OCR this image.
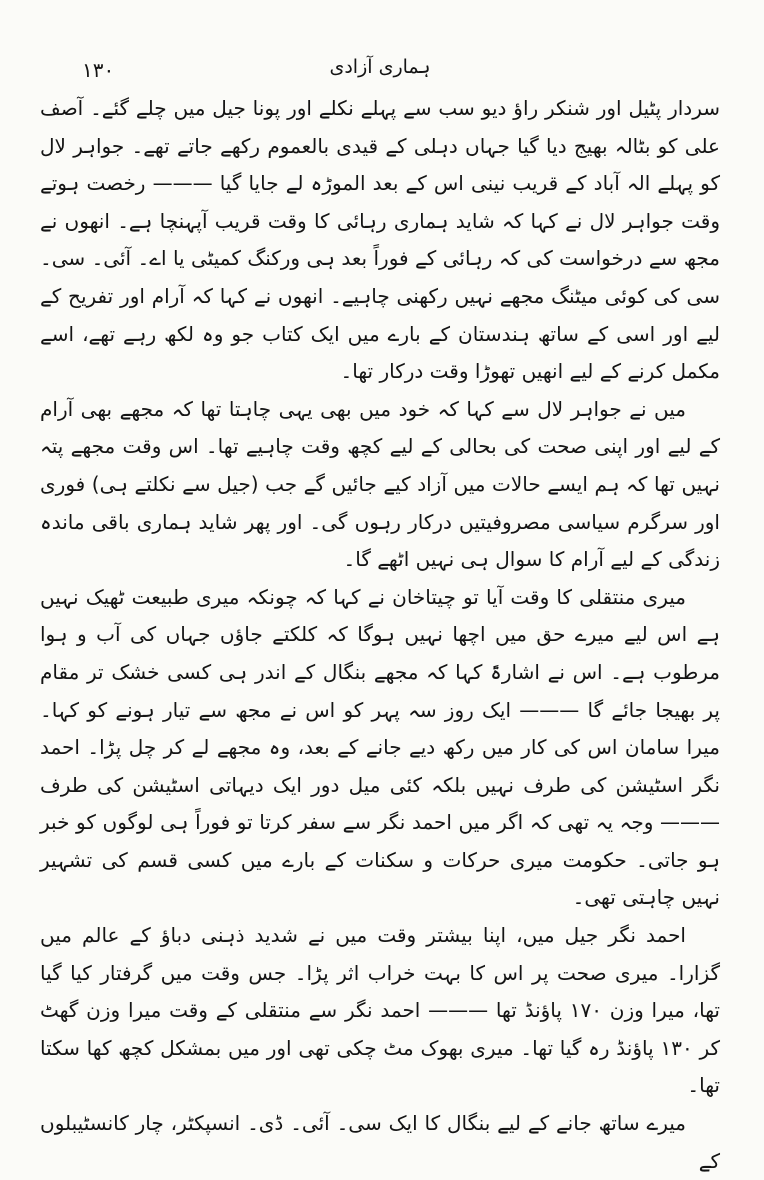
۱۳۰	ہماری آزادی

سردار پٹیل اور شنکر راؤ دیو سب سے پہلے نکلے اور پونا جیل میں چلے گئے۔ آصف علی کو بٹالہ بھیج دیا گیا جہاں دہلی کے قیدی بالعموم رکھے جاتے تھے۔ جواہر لال کو پہلے الہ آباد کے قریب نینی اس کے بعد الموڑہ لے جایا گیا ——— رخصت ہوتے وقت جواہر لال نے کہا کہ شاید ہماری رہائی کا وقت قریب آپہنچا ہے۔ انھوں نے مجھ سے درخواست کی کہ رہائی کے فوراً بعد ہی ورکنگ کمیٹی یا اے۔ آئی۔ سی۔ سی کی کوئی میٹنگ مجھے نہیں رکھنی چاہیے۔ انھوں نے کہا کہ آرام اور تفریح کے لیے اور اسی کے ساتھ ہندستان کے بارے میں ایک کتاب جو وہ لکھ رہے تھے، اسے مکمل کرنے کے لیے انھیں تھوڑا وقت درکار تھا۔

میں نے جواہر لال سے کہا کہ خود میں بھی یہی چاہتا تھا کہ مجھے بھی آرام کے لیے اور اپنی صحت کی بحالی کے لیے کچھ وقت چاہیے تھا۔ اس وقت مجھے پتہ نہیں تھا کہ ہم ایسے حالات میں آزاد کیے جائیں گے جب (جیل سے نکلتے ہی) فوری اور سرگرم سیاسی مصروفیتیں درکار رہوں گی۔ اور پھر شاید ہماری باقی ماندہ زندگی کے لیے آرام کا سوال ہی نہیں اٹھے گا۔

میری منتقلی کا وقت آیا تو چیتاخان نے کہا کہ چونکہ میری طبیعت ٹھیک نہیں ہے اس لیے میرے حق میں اچھا نہیں ہوگا کہ کلکتے جاؤں جہاں کی آب و ہوا مرطوب ہے۔ اس نے اشارۃً کہا کہ مجھے بنگال کے اندر ہی کسی خشک تر مقام پر بھیجا جائے گا ——— ایک روز سہ پہر کو اس نے مجھ سے تیار ہونے کو کہا۔ میرا سامان اس کی کار میں رکھ دیے جانے کے بعد، وہ مجھے لے کر چل پڑا۔ احمد نگر اسٹیشن کی طرف نہیں بلکہ کئی میل دور ایک دیہاتی اسٹیشن کی طرف ——— وجہ یہ تھی کہ اگر میں احمد نگر سے سفر کرتا تو فوراً ہی لوگوں کو خبر ہو جاتی۔ حکومت میری حرکات و سکنات کے بارے میں کسی قسم کی تشہیر نہیں چاہتی تھی۔

احمد نگر جیل میں، اپنا بیشتر وقت میں نے شدید ذہنی دباؤ کے عالم میں گزارا۔ میری صحت پر اس کا بہت خراب اثر پڑا۔ جس وقت میں گرفتار کیا گیا تھا، میرا وزن ۱۷۰ پاؤنڈ تھا ——— احمد نگر سے منتقلی کے وقت میرا وزن گھٹ کر ۱۳۰ پاؤنڈ رہ گیا تھا۔ میری بھوک مٹ چکی تھی اور میں بمشکل کچھ کھا سکتا تھا۔

میرے ساتھ جانے کے لیے بنگال کا ایک سی۔ آئی۔ ڈی۔ انسپکٹر، چار کانسٹیبلوں کے
